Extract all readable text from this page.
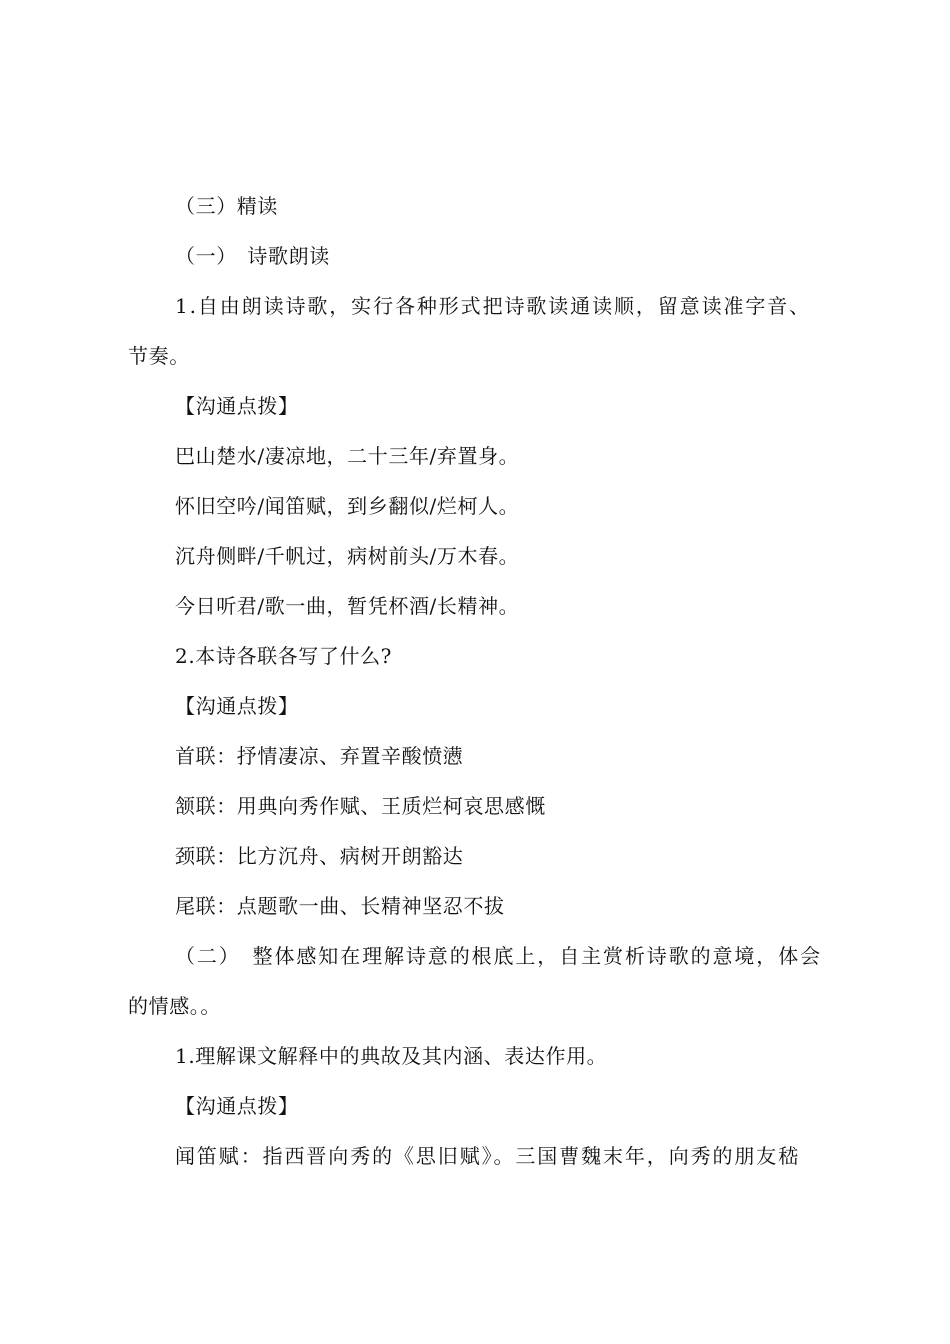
（三）精读
（一）　诗歌朗读
1.自由朗读诗歌，实行各种形式把诗歌读通读顺，留意读准字音、
节奏。
【沟通点拨】
巴山楚水/凄凉地，二十三年/弃置身。
怀旧空吟/闻笛赋，到乡翻似/烂柯人。
沉舟侧畔/千帆过，病树前头/万木春。
今日听君/歌一曲，暂凭杯酒/长精神。
2.本诗各联各写了什么?
【沟通点拨】
首联：抒情凄凉、弃置辛酸愤懑
颔联：用典向秀作赋、王质烂柯哀思感慨
颈联：比方沉舟、病树开朗豁达
尾联：点题歌一曲、长精神坚忍不拔
（二）　整体感知在理解诗意的根底上，自主赏析诗歌的意境，体会
的情感。。
1.理解课文解释中的典故及其内涵、表达作用。
【沟通点拨】
闻笛赋：指西晋向秀的《思旧赋》。三国曹魏末年，向秀的朋友嵇
